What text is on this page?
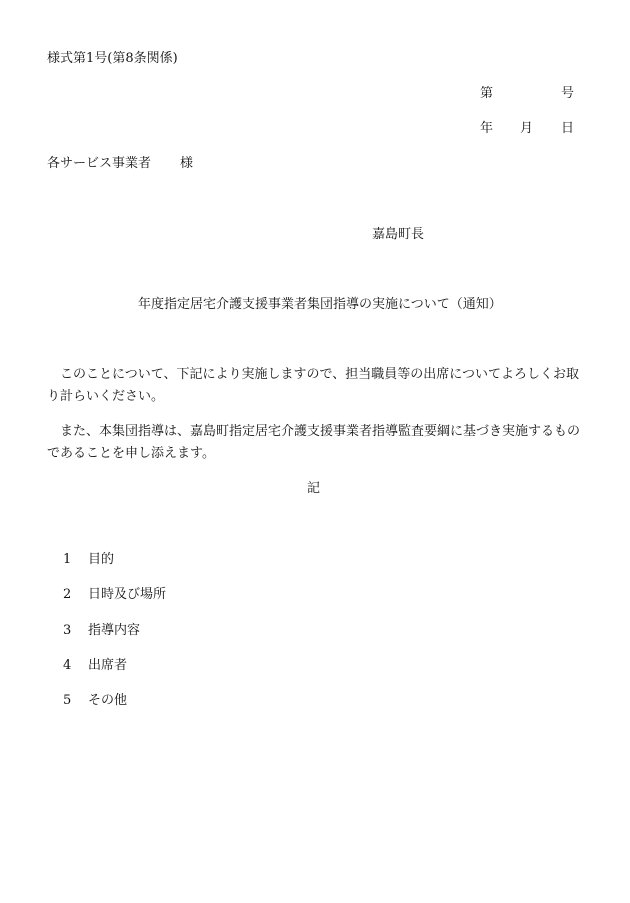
様式第1号(第8条関係)
第	号
年 月 日
各サービス事業者 様
嘉島町長
年度指定居宅介護支援事業者集団指導の実施について（通知）
このことについて、下記により実施しますので、担当職員等の出席についてよろしくお取り計らいください。
また、本集団指導は、嘉島町指定居宅介護支援事業者指導監査要綱に基づき実施するものであることを申し添えます。
記
1 目的
2 日時及び場所
3 指導内容
4 出席者
5 その他
